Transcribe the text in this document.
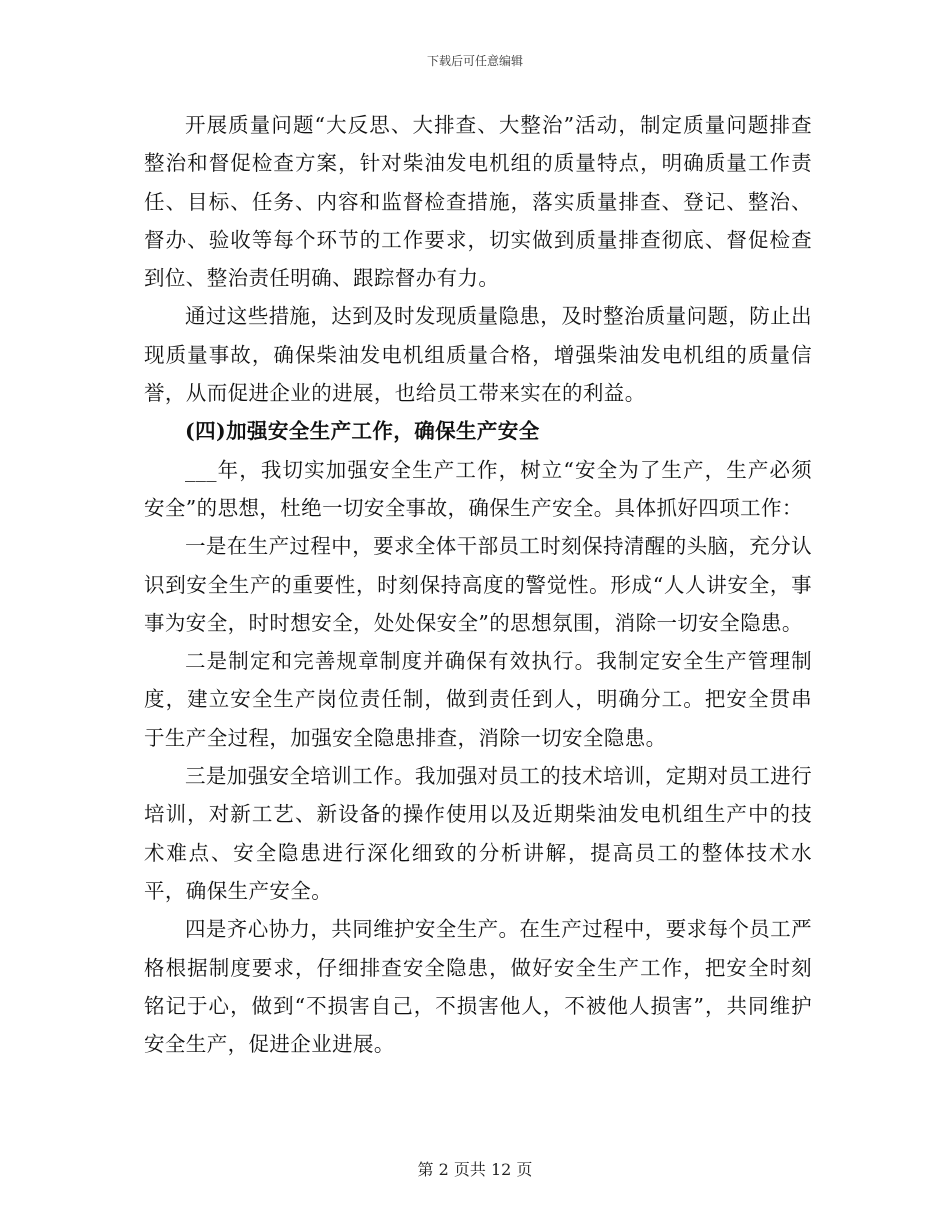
下载后可任意编辑

开展质量问题“大反思、大排查、大整治”活动，制定质量问题排查整治和督促检查方案，针对柴油发电机组的质量特点，明确质量工作责任、目标、任务、内容和监督检查措施，落实质量排查、登记、整治、督办、验收等每个环节的工作要求，切实做到质量排查彻底、督促检查到位、整治责任明确、跟踪督办有力。

通过这些措施，达到及时发现质量隐患，及时整治质量问题，防止出现质量事故，确保柴油发电机组质量合格，增强柴油发电机组的质量信誉，从而促进企业的进展，也给员工带来实在的利益。

(四)加强安全生产工作，确保生产安全

___年，我切实加强安全生产工作，树立“安全为了生产，生产必须安全”的思想，杜绝一切安全事故，确保生产安全。具体抓好四项工作：

一是在生产过程中，要求全体干部员工时刻保持清醒的头脑，充分认识到安全生产的重要性，时刻保持高度的警觉性。形成“人人讲安全，事事为安全，时时想安全，处处保安全”的思想氛围，消除一切安全隐患。

二是制定和完善规章制度并确保有效执行。我制定安全生产管理制度，建立安全生产岗位责任制，做到责任到人，明确分工。把安全贯串于生产全过程，加强安全隐患排查，消除一切安全隐患。

三是加强安全培训工作。我加强对员工的技术培训，定期对员工进行培训，对新工艺、新设备的操作使用以及近期柴油发电机组生产中的技术难点、安全隐患进行深化细致的分析讲解，提高员工的整体技术水平，确保生产安全。

四是齐心协力，共同维护安全生产。在生产过程中，要求每个员工严格根据制度要求，仔细排查安全隐患，做好安全生产工作，把安全时刻铭记于心，做到“不损害自己，不损害他人，不被他人损害”，共同维护安全生产，促进企业进展。

第 2 页共 12 页
